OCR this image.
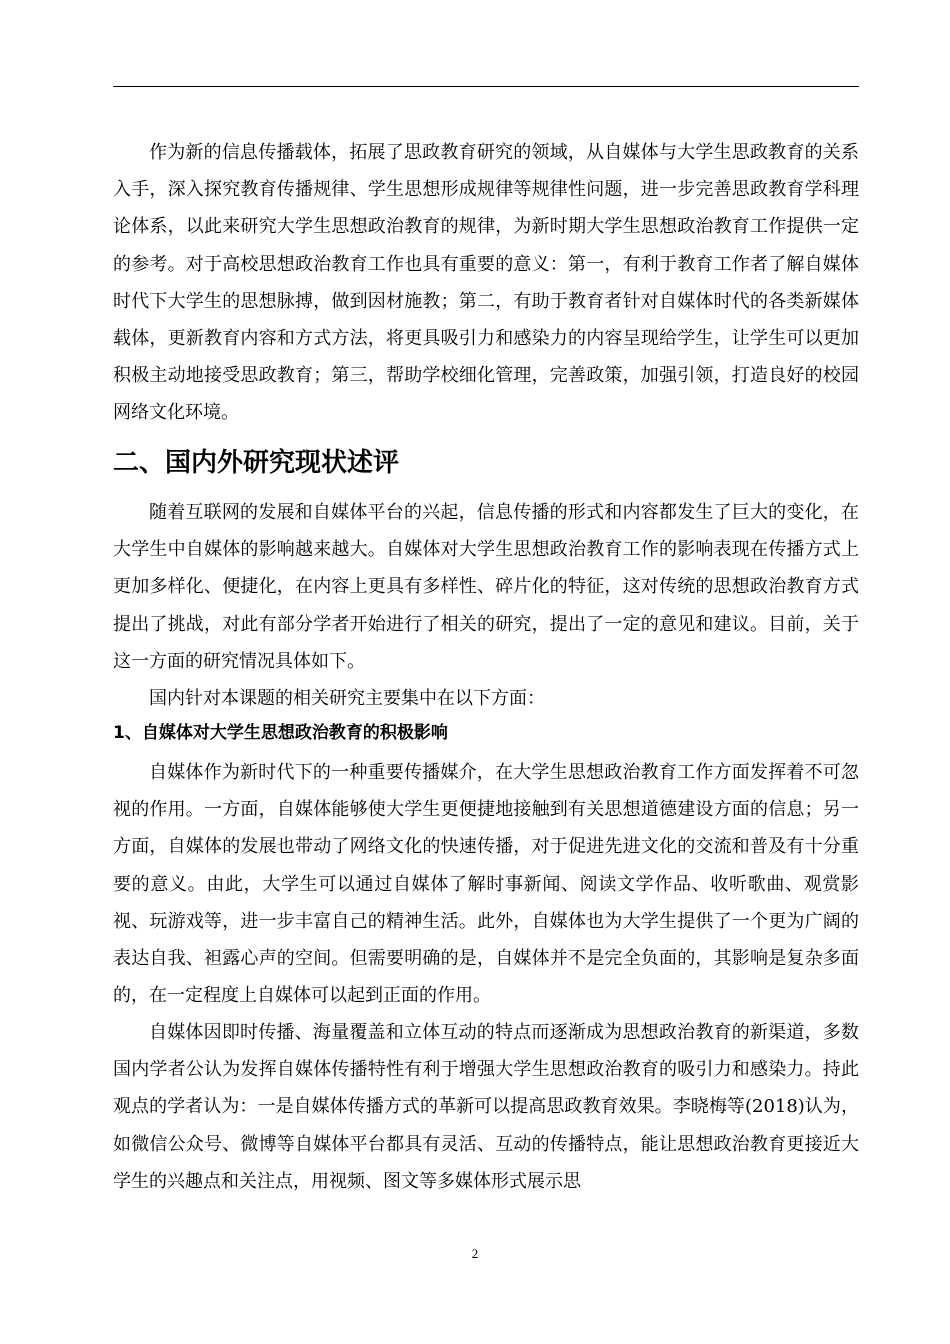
作为新的信息传播载体，拓展了思政教育研究的领域，从自媒体与大学生思政教育的关系入手，深入探究教育传播规律、学生思想形成规律等规律性问题，进一步完善思政教育学科理论体系，以此来研究大学生思想政治教育的规律，为新时期大学生思想政治教育工作提供一定的参考。对于高校思想政治教育工作也具有重要的意义：第一，有利于教育工作者了解自媒体时代下大学生的思想脉搏，做到因材施教；第二，有助于教育者针对自媒体时代的各类新媒体载体，更新教育内容和方式方法，将更具吸引力和感染力的内容呈现给学生，让学生可以更加积极主动地接受思政教育；第三，帮助学校细化管理，完善政策，加强引领，打造良好的校园网络文化环境。

二、国内外研究现状述评

随着互联网的发展和自媒体平台的兴起，信息传播的形式和内容都发生了巨大的变化，在大学生中自媒体的影响越来越大。自媒体对大学生思想政治教育工作的影响表现在传播方式上更加多样化、便捷化，在内容上更具有多样性、碎片化的特征，这对传统的思想政治教育方式提出了挑战，对此有部分学者开始进行了相关的研究，提出了一定的意见和建议。目前，关于这一方面的研究情况具体如下。

国内针对本课题的相关研究主要集中在以下方面：

1、自媒体对大学生思想政治教育的积极影响

自媒体作为新时代下的一种重要传播媒介，在大学生思想政治教育工作方面发挥着不可忽视的作用。一方面，自媒体能够使大学生更便捷地接触到有关思想道德建设方面的信息；另一方面，自媒体的发展也带动了网络文化的快速传播，对于促进先进文化的交流和普及有十分重要的意义。由此，大学生可以通过自媒体了解时事新闻、阅读文学作品、收听歌曲、观赏影视、玩游戏等，进一步丰富自己的精神生活。此外，自媒体也为大学生提供了一个更为广阔的表达自我、袒露心声的空间。但需要明确的是，自媒体并不是完全负面的，其影响是复杂多面的，在一定程度上自媒体可以起到正面的作用。

自媒体因即时传播、海量覆盖和立体互动的特点而逐渐成为思想政治教育的新渠道，多数国内学者公认为发挥自媒体传播特性有利于增强大学生思想政治教育的吸引力和感染力。持此观点的学者认为：一是自媒体传播方式的革新可以提高思政教育效果。李晓梅等(2018)认为，如微信公众号、微博等自媒体平台都具有灵活、互动的传播特点，能让思想政治教育更接近大学生的兴趣点和关注点，用视频、图文等多媒体形式展示思

2
